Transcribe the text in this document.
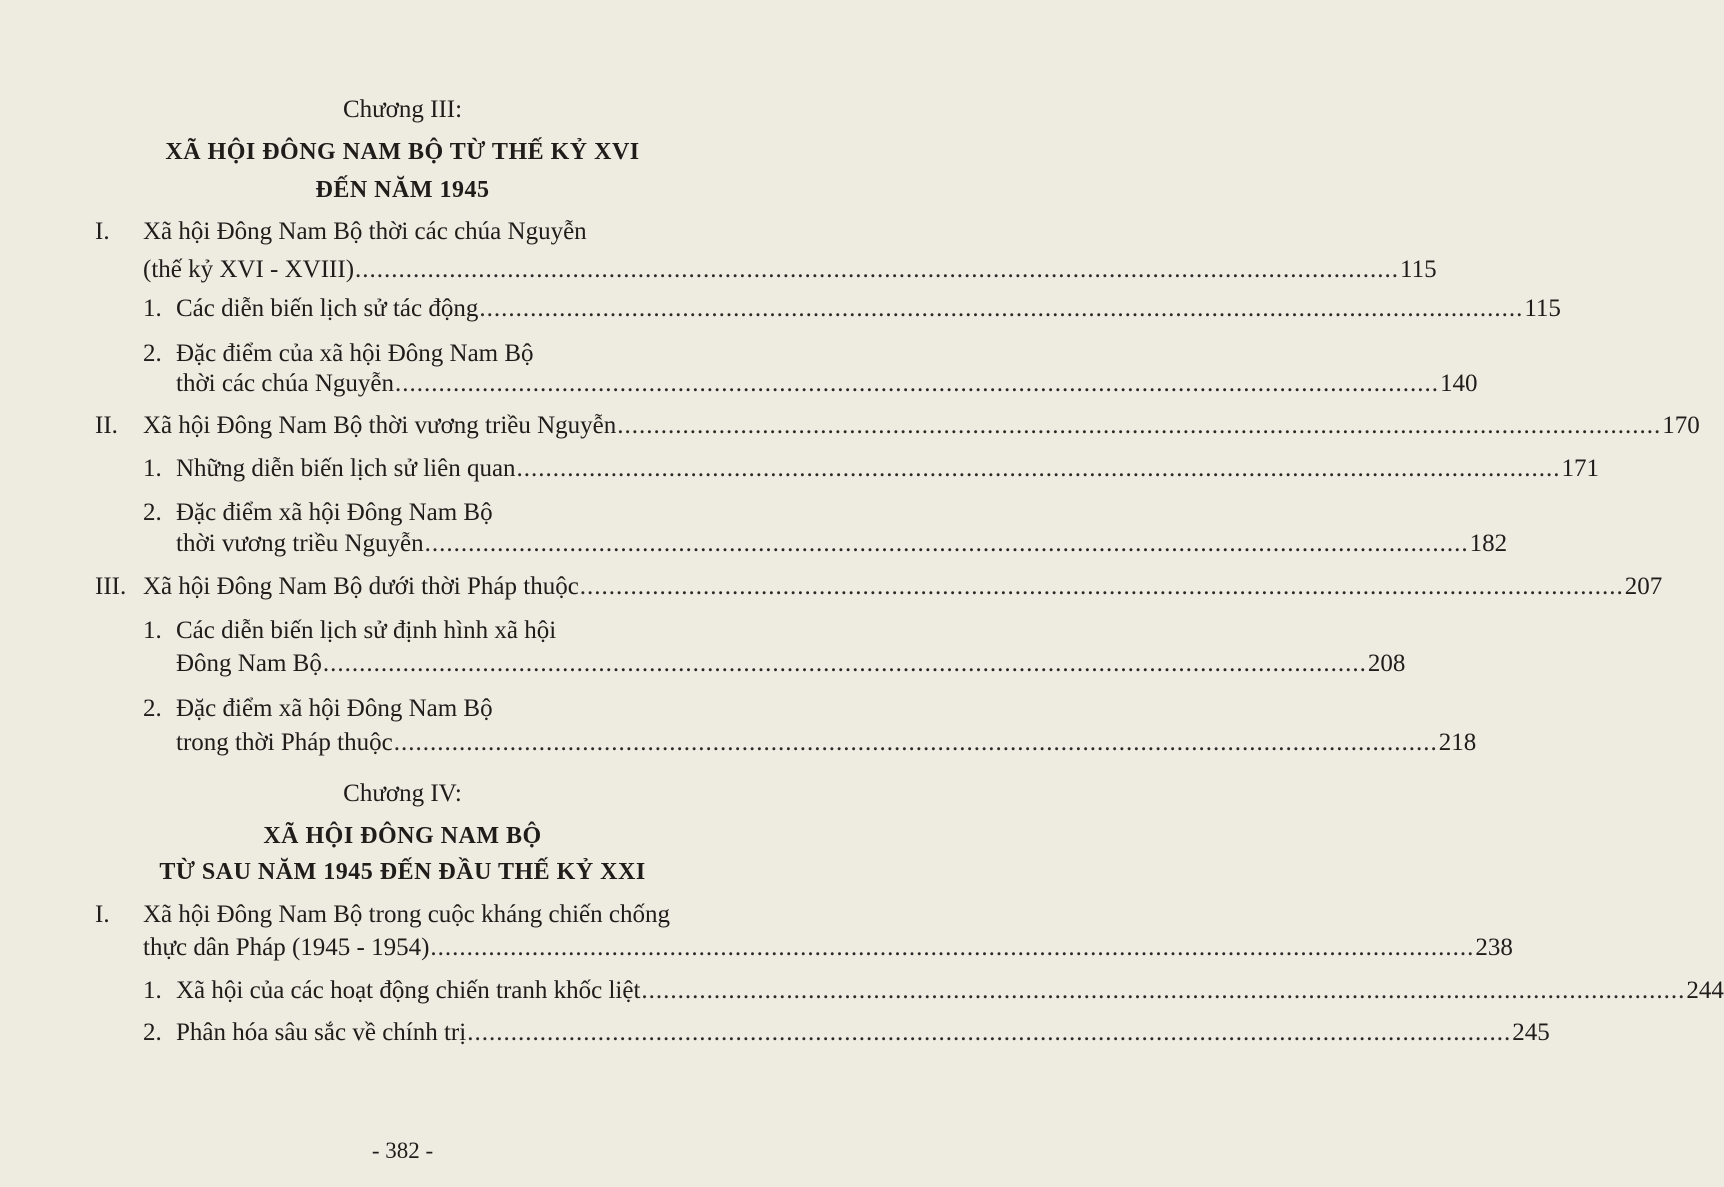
Chương III:
XÃ HỘI ĐÔNG NAM BỘ TỪ THẾ KỶ XVI
ĐẾN NĂM 1945
I. Xã hội Đông Nam Bộ thời các chúa Nguyễn
(thế kỷ XVI - XVIII) ................................................................................................................................................ 115
1. Các diễn biến lịch sử tác động ................................................................................................................................................ 115
2. Đặc điểm của xã hội Đông Nam Bộ
thời các chúa Nguyễn ................................................................................................................................................ 140
II. Xã hội Đông Nam Bộ thời vương triều Nguyễn ................................................................................................................................................ 170
1. Những diễn biến lịch sử liên quan ................................................................................................................................................ 171
2. Đặc điểm xã hội Đông Nam Bộ
thời vương triều Nguyễn ................................................................................................................................................ 182
III. Xã hội Đông Nam Bộ dưới thời Pháp thuộc ................................................................................................................................................ 207
1. Các diễn biến lịch sử định hình xã hội
Đông Nam Bộ ................................................................................................................................................ 208
2. Đặc điểm xã hội Đông Nam Bộ
trong thời Pháp thuộc ................................................................................................................................................ 218
Chương IV:
XÃ HỘI ĐÔNG NAM BỘ
TỪ SAU NĂM 1945 ĐẾN ĐẦU THẾ KỶ XXI
I. Xã hội Đông Nam Bộ trong cuộc kháng chiến chống
thực dân Pháp (1945 - 1954) ................................................................................................................................................ 238
1. Xã hội của các hoạt động chiến tranh khốc liệt ................................................................................................................................................ 244
2. Phân hóa sâu sắc về chính trị ................................................................................................................................................ 245
- 382 -
